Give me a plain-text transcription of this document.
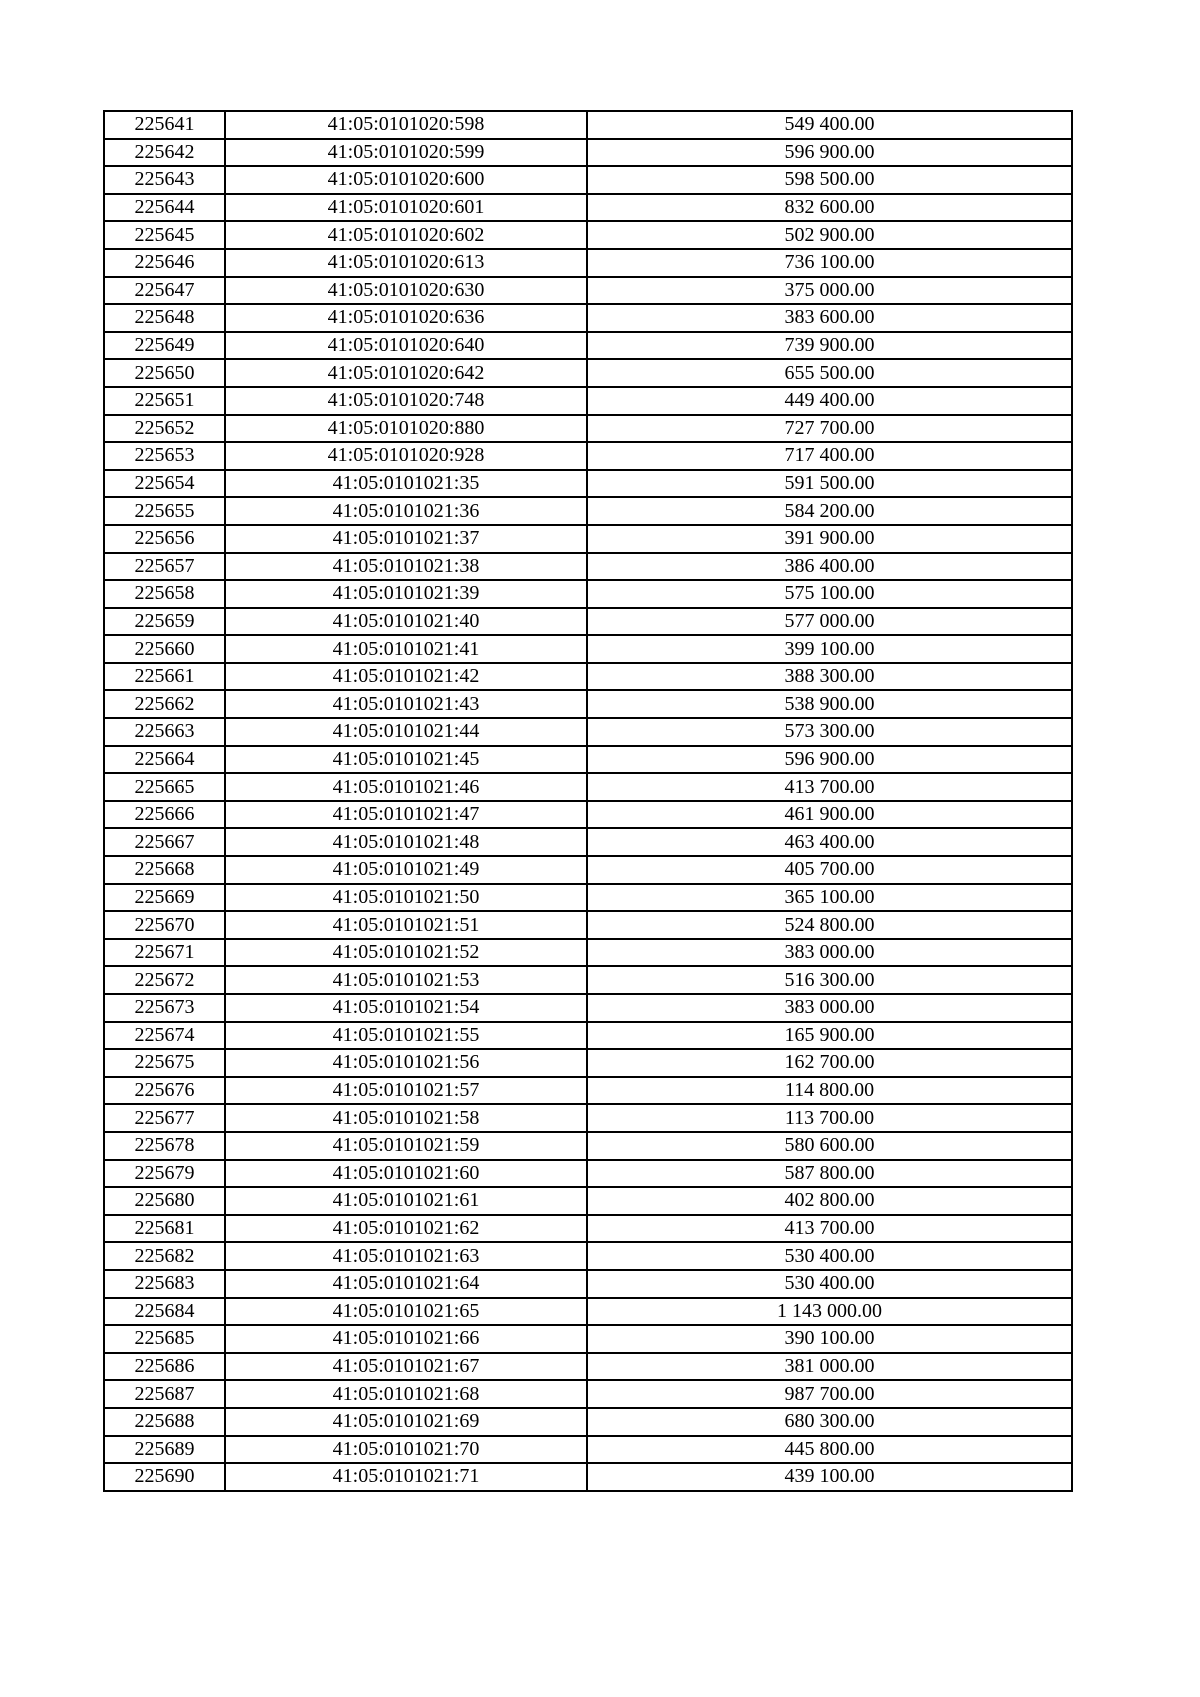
225641	41:05:0101020:598	549 400.00
225642	41:05:0101020:599	596 900.00
225643	41:05:0101020:600	598 500.00
225644	41:05:0101020:601	832 600.00
225645	41:05:0101020:602	502 900.00
225646	41:05:0101020:613	736 100.00
225647	41:05:0101020:630	375 000.00
225648	41:05:0101020:636	383 600.00
225649	41:05:0101020:640	739 900.00
225650	41:05:0101020:642	655 500.00
225651	41:05:0101020:748	449 400.00
225652	41:05:0101020:880	727 700.00
225653	41:05:0101020:928	717 400.00
225654	41:05:0101021:35	591 500.00
225655	41:05:0101021:36	584 200.00
225656	41:05:0101021:37	391 900.00
225657	41:05:0101021:38	386 400.00
225658	41:05:0101021:39	575 100.00
225659	41:05:0101021:40	577 000.00
225660	41:05:0101021:41	399 100.00
225661	41:05:0101021:42	388 300.00
225662	41:05:0101021:43	538 900.00
225663	41:05:0101021:44	573 300.00
225664	41:05:0101021:45	596 900.00
225665	41:05:0101021:46	413 700.00
225666	41:05:0101021:47	461 900.00
225667	41:05:0101021:48	463 400.00
225668	41:05:0101021:49	405 700.00
225669	41:05:0101021:50	365 100.00
225670	41:05:0101021:51	524 800.00
225671	41:05:0101021:52	383 000.00
225672	41:05:0101021:53	516 300.00
225673	41:05:0101021:54	383 000.00
225674	41:05:0101021:55	165 900.00
225675	41:05:0101021:56	162 700.00
225676	41:05:0101021:57	114 800.00
225677	41:05:0101021:58	113 700.00
225678	41:05:0101021:59	580 600.00
225679	41:05:0101021:60	587 800.00
225680	41:05:0101021:61	402 800.00
225681	41:05:0101021:62	413 700.00
225682	41:05:0101021:63	530 400.00
225683	41:05:0101021:64	530 400.00
225684	41:05:0101021:65	1 143 000.00
225685	41:05:0101021:66	390 100.00
225686	41:05:0101021:67	381 000.00
225687	41:05:0101021:68	987 700.00
225688	41:05:0101021:69	680 300.00
225689	41:05:0101021:70	445 800.00
225690	41:05:0101021:71	439 100.00
